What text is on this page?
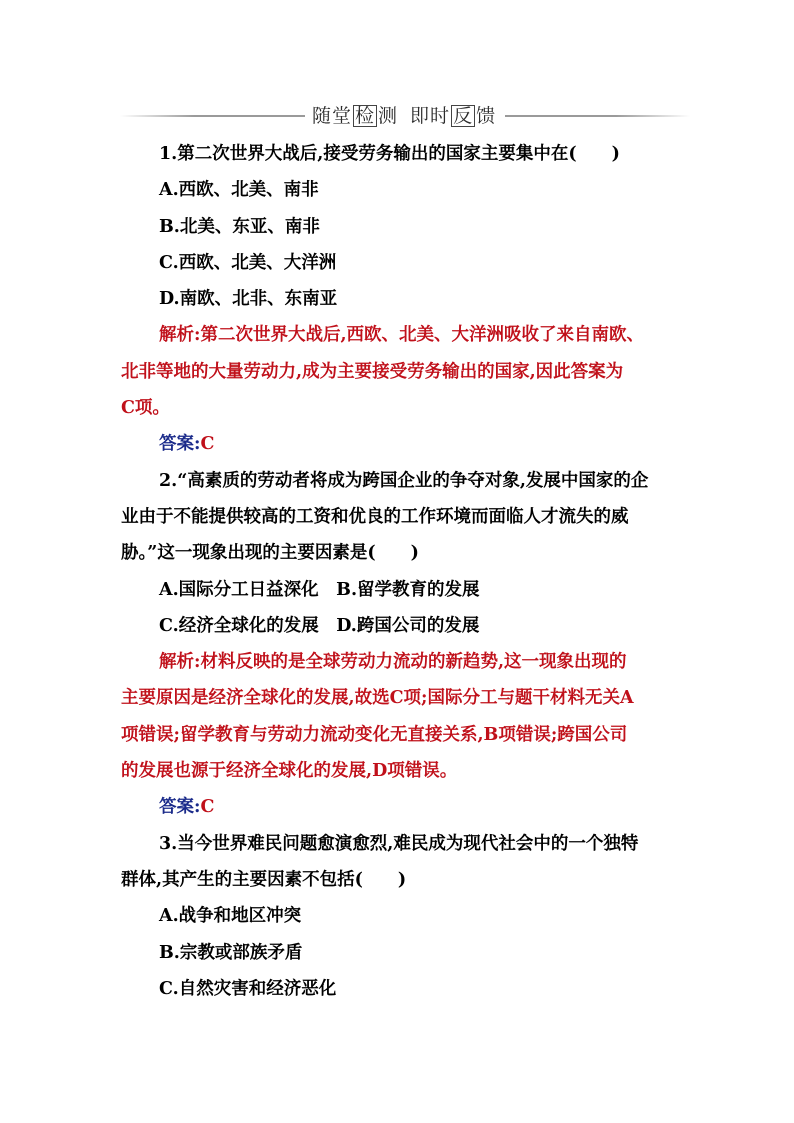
随堂 检 测 即时 反 馈
1.第二次世界大战后,接受劳务输出的国家主要集中在(　　)
A.西欧、北美、南非
B.北美、东亚、南非
C.西欧、北美、大洋洲
D.南欧、北非、东南亚
解析:第二次世界大战后,西欧、北美、大洋洲吸收了来自南欧、
北非等地的大量劳动力,成为主要接受劳务输出的国家,因此答案为
C项。
答案:C
2.“高素质的劳动者将成为跨国企业的争夺对象,发展中国家的企
业由于不能提供较高的工资和优良的工作环境而面临人才流失的威
胁。”这一现象出现的主要因素是(　　)
A.国际分工日益深化　B.留学教育的发展
C.经济全球化的发展　D.跨国公司的发展
解析:材料反映的是全球劳动力流动的新趋势,这一现象出现的
主要原因是经济全球化的发展,故选C项;国际分工与题干材料无关A
项错误;留学教育与劳动力流动变化无直接关系,B项错误;跨国公司
的发展也源于经济全球化的发展,D项错误。
答案:C
3.当今世界难民问题愈演愈烈,难民成为现代社会中的一个独特
群体,其产生的主要因素不包括(　　)
A.战争和地区冲突
B.宗教或部族矛盾
C.自然灾害和经济恶化
